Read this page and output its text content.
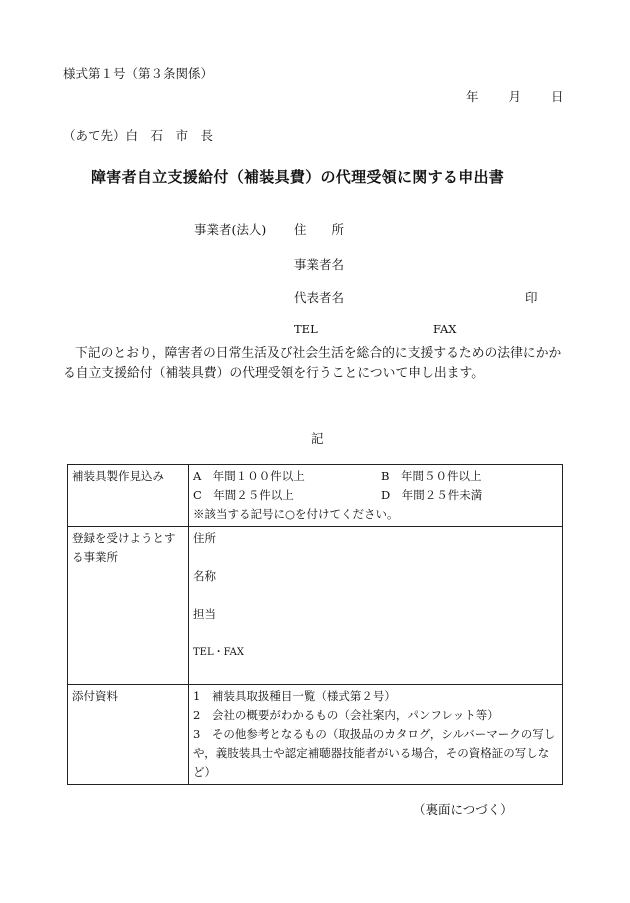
様式第１号（第３条関係）
年 月 日
（あて先）白　石　市　長
障害者自立支援給付（補装具費）の代理受領に関する申出書
事業者(法人) 住　　所
事業者名
代表者名	印
TEL	FAX
下記のとおり，障害者の日常生活及び社会生活を総合的に支援するための法律にかかる自立支援給付（補装具費）の代理受領を行うことについて申し出ます。
記
補装具製作見込み	A　年間１００件以上 B　年間５０件以上
C　年間２５件以上 D　年間２５件未満
※該当する記号に○を付けてください。

登録を受けようとする事業所	住所
名称
担当
TEL・FAX

添付資料	1　補装具取扱種目一覧（様式第２号）
2　会社の概要がわかるもの（会社案内，パンフレット等）
3　その他参考となるもの（取扱品のカタログ，シルバーマークの写しや，義肢装具士や認定補聴器技能者がいる場合，その資格証の写しなど）
（裏面につづく）
